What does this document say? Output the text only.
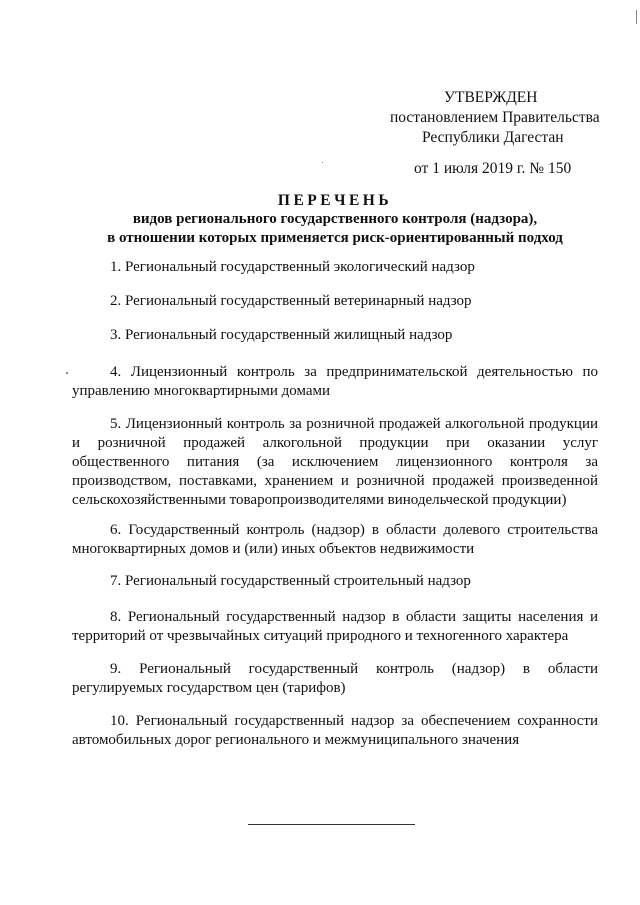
УТВЕРЖДЕН
постановлением Правительства
Республики Дагестан
от 1 июля 2019 г. № 150
ПЕРЕЧЕНЬ
видов регионального государственного контроля (надзора),
в отношении которых применяется риск-ориентированный подход
1. Региональный государственный экологический надзор
2. Региональный государственный ветеринарный надзор
3. Региональный государственный жилищный надзор
4. Лицензионный контроль за предпринимательской деятельностью по управлению многоквартирными домами
5. Лицензионный контроль за розничной продажей алкогольной продукции и розничной продажей алкогольной продукции при оказании услуг общественного питания (за исключением лицензионного контроля за производством, поставками, хранением и розничной продажей произведенной сельскохозяйственными товаропроизводителями винодельческой продукции)
6. Государственный контроль (надзор) в области долевого строительства многоквартирных домов и (или) иных объектов недвижимости
7. Региональный государственный строительный надзор
8. Региональный государственный надзор в области защиты населения и территорий от чрезвычайных ситуаций природного и техногенного характера
9. Региональный государственный контроль (надзор) в области регулируемых государством цен (тарифов)
10. Региональный государственный надзор за обеспечением сохранности автомобильных дорог регионального и межмуниципального значения
